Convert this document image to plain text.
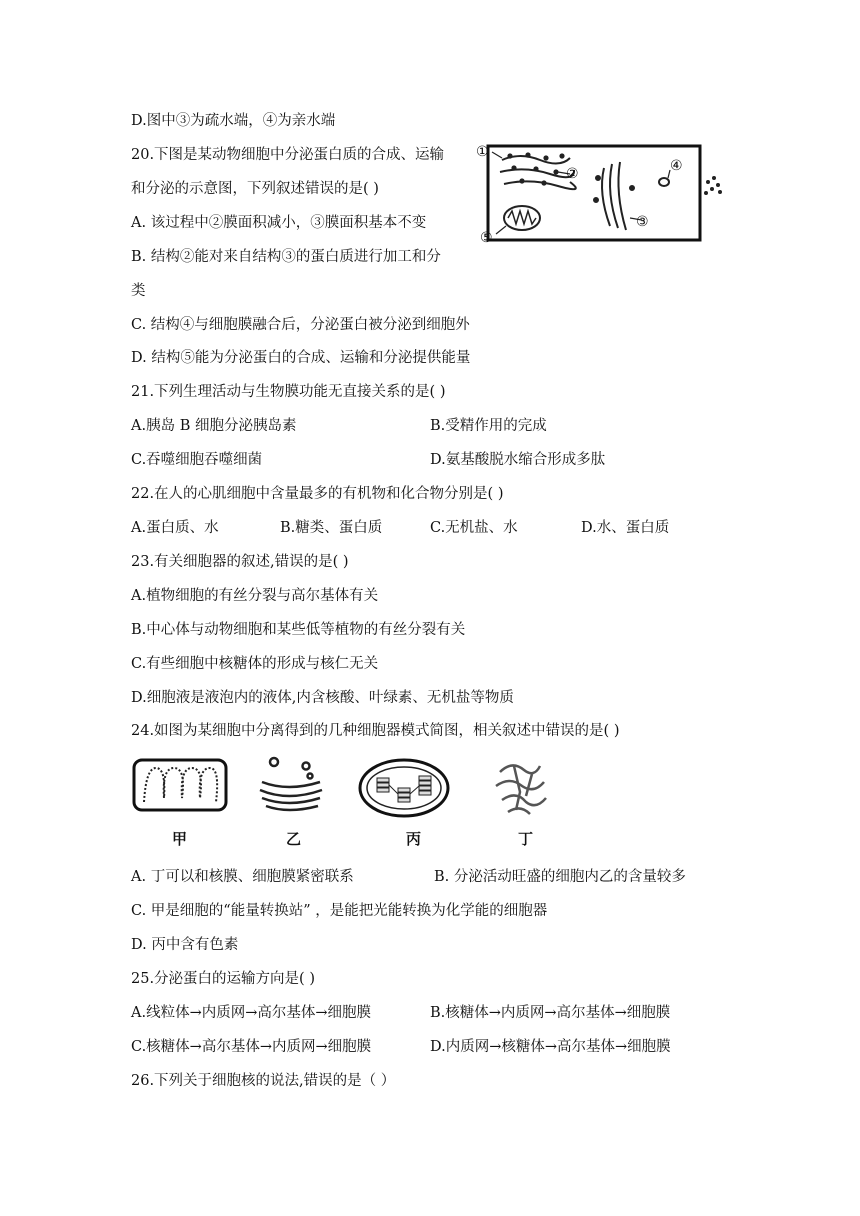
D.图中③为疏水端，④为亲水端
20.下图是某动物细胞中分泌蛋白质的合成、运输
和分泌的示意图，下列叙述错误的是( )
A. 该过程中②膜面积减小，③膜面积基本不变
B. 结构②能对来自结构③的蛋白质进行加工和分
类
C. 结构④与细胞膜融合后，分泌蛋白被分泌到细胞外
D. 结构⑤能为分泌蛋白的合成、运输和分泌提供能量
21.下列生理活动与生物膜功能无直接关系的是( )
A.胰岛 B 细胞分泌胰岛素	B.受精作用的完成
C.吞噬细胞吞噬细菌	D.氨基酸脱水缩合形成多肽
22.在人的心肌细胞中含量最多的有机物和化合物分别是( )
A.蛋白质、水	B.糖类、蛋白质	C.无机盐、水	D.水、蛋白质
23.有关细胞器的叙述,错误的是( )
A.植物细胞的有丝分裂与高尔基体有关
B.中心体与动物细胞和某些低等植物的有丝分裂有关
C.有些细胞中核糖体的形成与核仁无关
D.细胞液是液泡内的液体,内含核酸、叶绿素、无机盐等物质
24.如图为某细胞中分离得到的几种细胞器模式简图，相关叙述中错误的是( )
A. 丁可以和核膜、细胞膜紧密联系	B. 分泌活动旺盛的细胞内乙的含量较多
C. 甲是细胞的“能量转换站” ，是能把光能转换为化学能的细胞器
D. 丙中含有色素
25.分泌蛋白的运输方向是( )
A.线粒体→内质网→高尔基体→细胞膜	B.核糖体→内质网→高尔基体→细胞膜
C.核糖体→高尔基体→内质网→细胞膜	D.内质网→核糖体→高尔基体→细胞膜
26.下列关于细胞核的说法,错误的是（ ）
①
②
③
④
⑤
甲	乙	丙	丁
